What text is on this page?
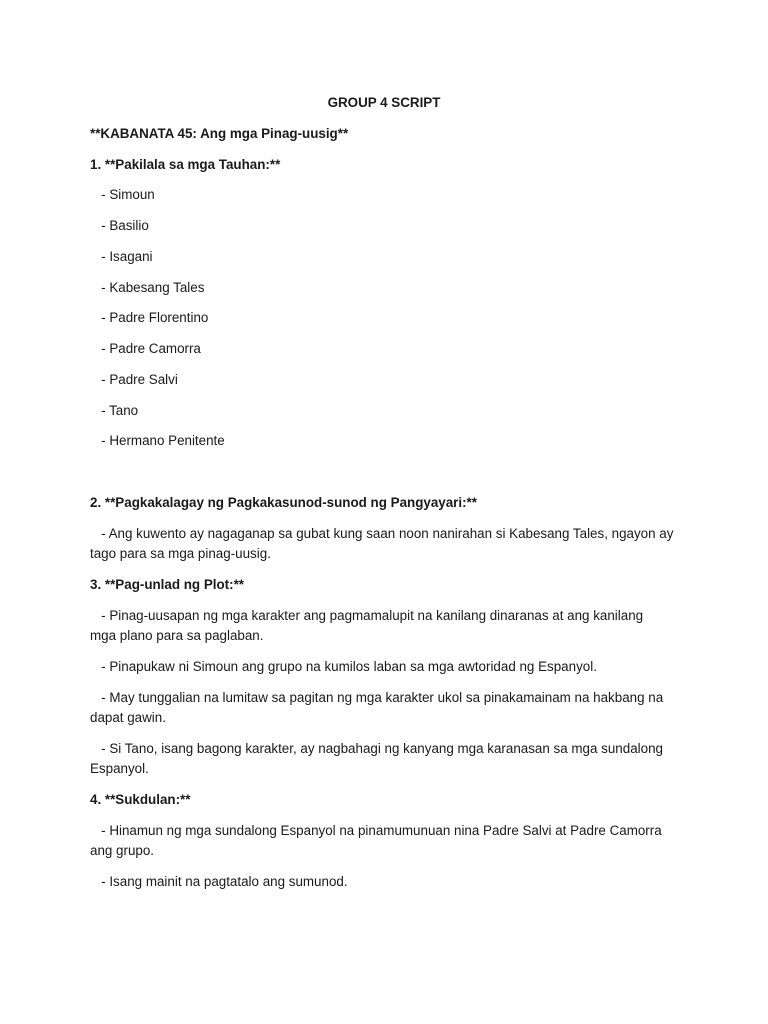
GROUP 4 SCRIPT

**KABANATA 45: Ang mga Pinag-uusig**

1. **Pakilala sa mga Tauhan:**

- Simoun

- Basilio

- Isagani

- Kabesang Tales

- Padre Florentino

- Padre Camorra

- Padre Salvi

- Tano

- Hermano Penitente

2. **Pagkakalagay ng Pagkakasunod-sunod ng Pangyayari:**

- Ang kuwento ay nagaganap sa gubat kung saan noon nanirahan si Kabesang Tales, ngayon ay

tago para sa mga pinag-uusig.

3. **Pag-unlad ng Plot:**

- Pinag-uusapan ng mga karakter ang pagmamalupit na kanilang dinaranas at ang kanilang

mga plano para sa paglaban.

- Pinapukaw ni Simoun ang grupo na kumilos laban sa mga awtoridad ng Espanyol.

- May tunggalian na lumitaw sa pagitan ng mga karakter ukol sa pinakamainam na hakbang na

dapat gawin.

- Si Tano, isang bagong karakter, ay nagbahagi ng kanyang mga karanasan sa mga sundalong

Espanyol.

4. **Sukdulan:**

- Hinamun ng mga sundalong Espanyol na pinamumunuan nina Padre Salvi at Padre Camorra

ang grupo.

- Isang mainit na pagtatalo ang sumunod.
